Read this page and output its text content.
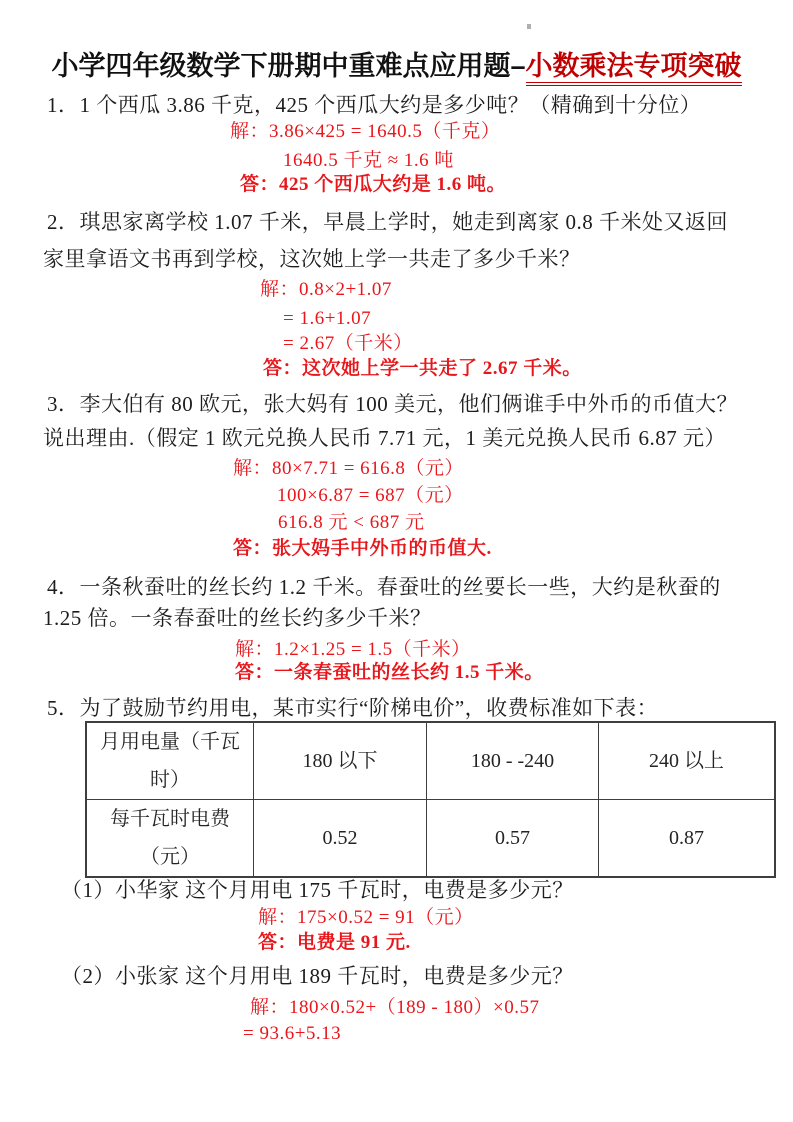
小学四年级数学下册期中重难点应用题–小数乘法专项突破
1．1 个西瓜 3.86 千克，425 个西瓜大约是多少吨？（精确到十分位）
解：3.86×425 = 1640.5（千克）
1640.5 千克 ≈ 1.6 吨
答：425 个西瓜大约是 1.6 吨。
2．琪思家离学校 1.07 千米，早晨上学时，她走到离家 0.8 千米处又返回
家里拿语文书再到学校，这次她上学一共走了多少千米？
解：0.8×2+1.07
= 1.6+1.07
= 2.67（千米）
答：这次她上学一共走了 2.67 千米。
3．李大伯有 80 欧元，张大妈有 100 美元，他们俩谁手中外币的币值大？
说出理由.（假定 1 欧元兑换人民币 7.71 元，1 美元兑换人民币 6.87 元）
解：80×7.71 = 616.8（元）
100×6.87 = 687（元）
616.8 元 < 687 元
答：张大妈手中外币的币值大.
4．一条秋蚕吐的丝长约 1.2 千米。春蚕吐的丝要长一些，大约是秋蚕的
1.25 倍。一条春蚕吐的丝长约多少千米？
解：1.2×1.25 = 1.5（千米）
答：一条春蚕吐的丝长约 1.5 千米。
5．为了鼓励节约用电，某市实行“阶梯电价”，收费标准如下表：
月用电量（千瓦时）	180 以下	180 - -240	240 以上
每千瓦时电费（元）	0.52	0.57	0.87
（1）小华家 这个月用电 175 千瓦时，电费是多少元？
解：175×0.52 = 91（元）
答：电费是 91 元.
（2）小张家 这个月用电 189 千瓦时，电费是多少元？
解：180×0.52+（189 - 180）×0.57
= 93.6+5.13
